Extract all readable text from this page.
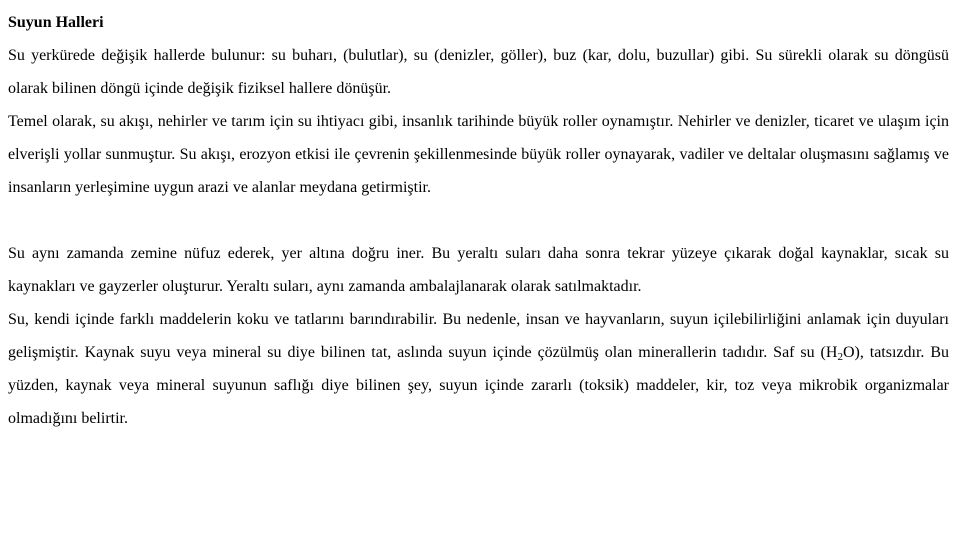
Suyun Halleri

Su yerkürede değişik hallerde bulunur: su buharı, (bulutlar), su (denizler, göller), buz (kar, dolu, buzullar) gibi. Su sürekli olarak su döngüsü olarak bilinen döngü içinde değişik fiziksel hallere dönüşür.

Temel olarak, su akışı, nehirler ve tarım için su ihtiyacı gibi, insanlık tarihinde büyük roller oynamıştır. Nehirler ve denizler, ticaret ve ulaşım için elverişli yollar sunmuştur. Su akışı, erozyon etkisi ile çevrenin şekillenmesinde büyük roller oynayarak, vadiler ve deltalar oluşmasını sağlamış ve insanların yerleşimine uygun arazi ve alanlar meydana getirmiştir.

Su aynı zamanda zemine nüfuz ederek, yer altına doğru iner. Bu yeraltı suları daha sonra tekrar yüzeye çıkarak doğal kaynaklar, sıcak su kaynakları ve gayzerler oluşturur. Yeraltı suları, aynı zamanda ambalajlanarak olarak satılmaktadır.

Su, kendi içinde farklı maddelerin koku ve tatlarını barındırabilir. Bu nedenle, insan ve hayvanların, suyun içilebilirliğini anlamak için duyuları gelişmiştir. Kaynak suyu veya mineral su diye bilinen tat, aslında suyun içinde çözülmüş olan minerallerin tadıdır. Saf su $(H_2O)$, tatsızdır. Bu yüzden, kaynak veya mineral suyunun saflığı diye bilinen şey, suyun içinde zararlı (toksik) maddeler, kir, toz veya mikrobik organizmalar olmadığını belirtir.
